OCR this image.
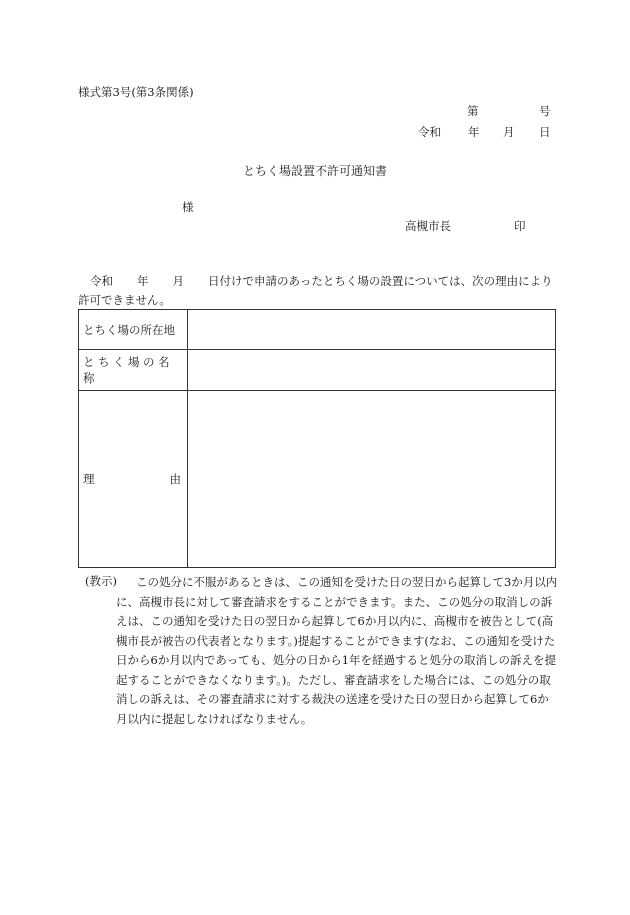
様式第3号(第3条関係)
第	号
令和 年 月 日
とちく場設置不許可通知書
様
高槻市長	印
令和 年 月 日付けで申請のあったとちく場の設置については、次の理由により許可できません。
とちく場の所在地	

とちく場の名称	

理 由	

(教示)	この処分に不服があるときは、この通知を受けた日の翌日から起算して3か月以内に、高槻市長に対して審査請求をすることができます。また、この処分の取消しの訴えは、この通知を受けた日の翌日から起算して6か月以内に、高槻市を被告として(高槻市長が被告の代表者となります。)提起することができます(なお、この通知を受けた日から6か月以内であっても、処分の日から1年を経過すると処分の取消しの訴えを提起することができなくなります。)。ただし、審査請求をした場合には、この処分の取消しの訴えは、その審査請求に対する裁決の送達を受けた日の翌日から起算して6か月以内に提起しなければなりません。
